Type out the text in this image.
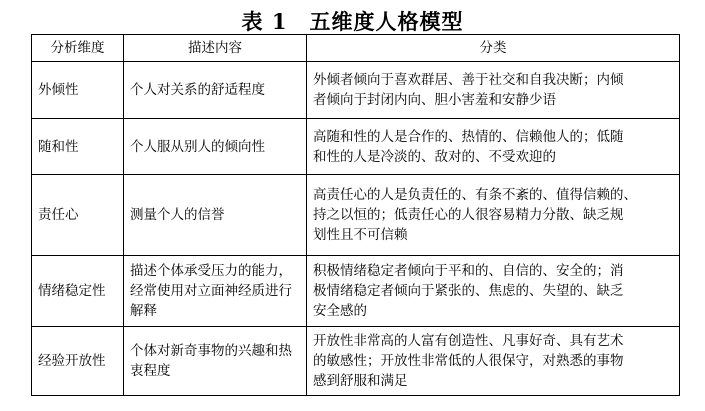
表 1 五维度人格模型
分析维度	描述内容	分类
外倾性	个人对关系的舒适程度	外倾者倾向于喜欢群居、善于社交和自我决断；内倾
者倾向于封闭内向、胆小害羞和安静少语

随和性	个人服从别人的倾向性	高随和性的人是合作的、热情的、信赖他人的；低随
和性的人是冷淡的、敌对的、不受欢迎的

责任心	测量个人的信誉	高责任心的人是负责任的、有条不紊的、值得信赖的、
持之以恒的；低责任心的人很容易精力分散、缺乏规
划性且不可信赖

情绪稳定性	描述个体承受压力的能力，经常使用对立面神经质进行解释	积极情绪稳定者倾向于平和的、自信的、安全的；消
极情绪稳定者倾向于紧张的、焦虑的、失望的、缺乏
安全感的

经验开放性	个体对新奇事物的兴趣和热衷程度	开放性非常高的人富有创造性、凡事好奇、具有艺术
的敏感性；开放性非常低的人很保守，对熟悉的事物
感到舒服和满足
